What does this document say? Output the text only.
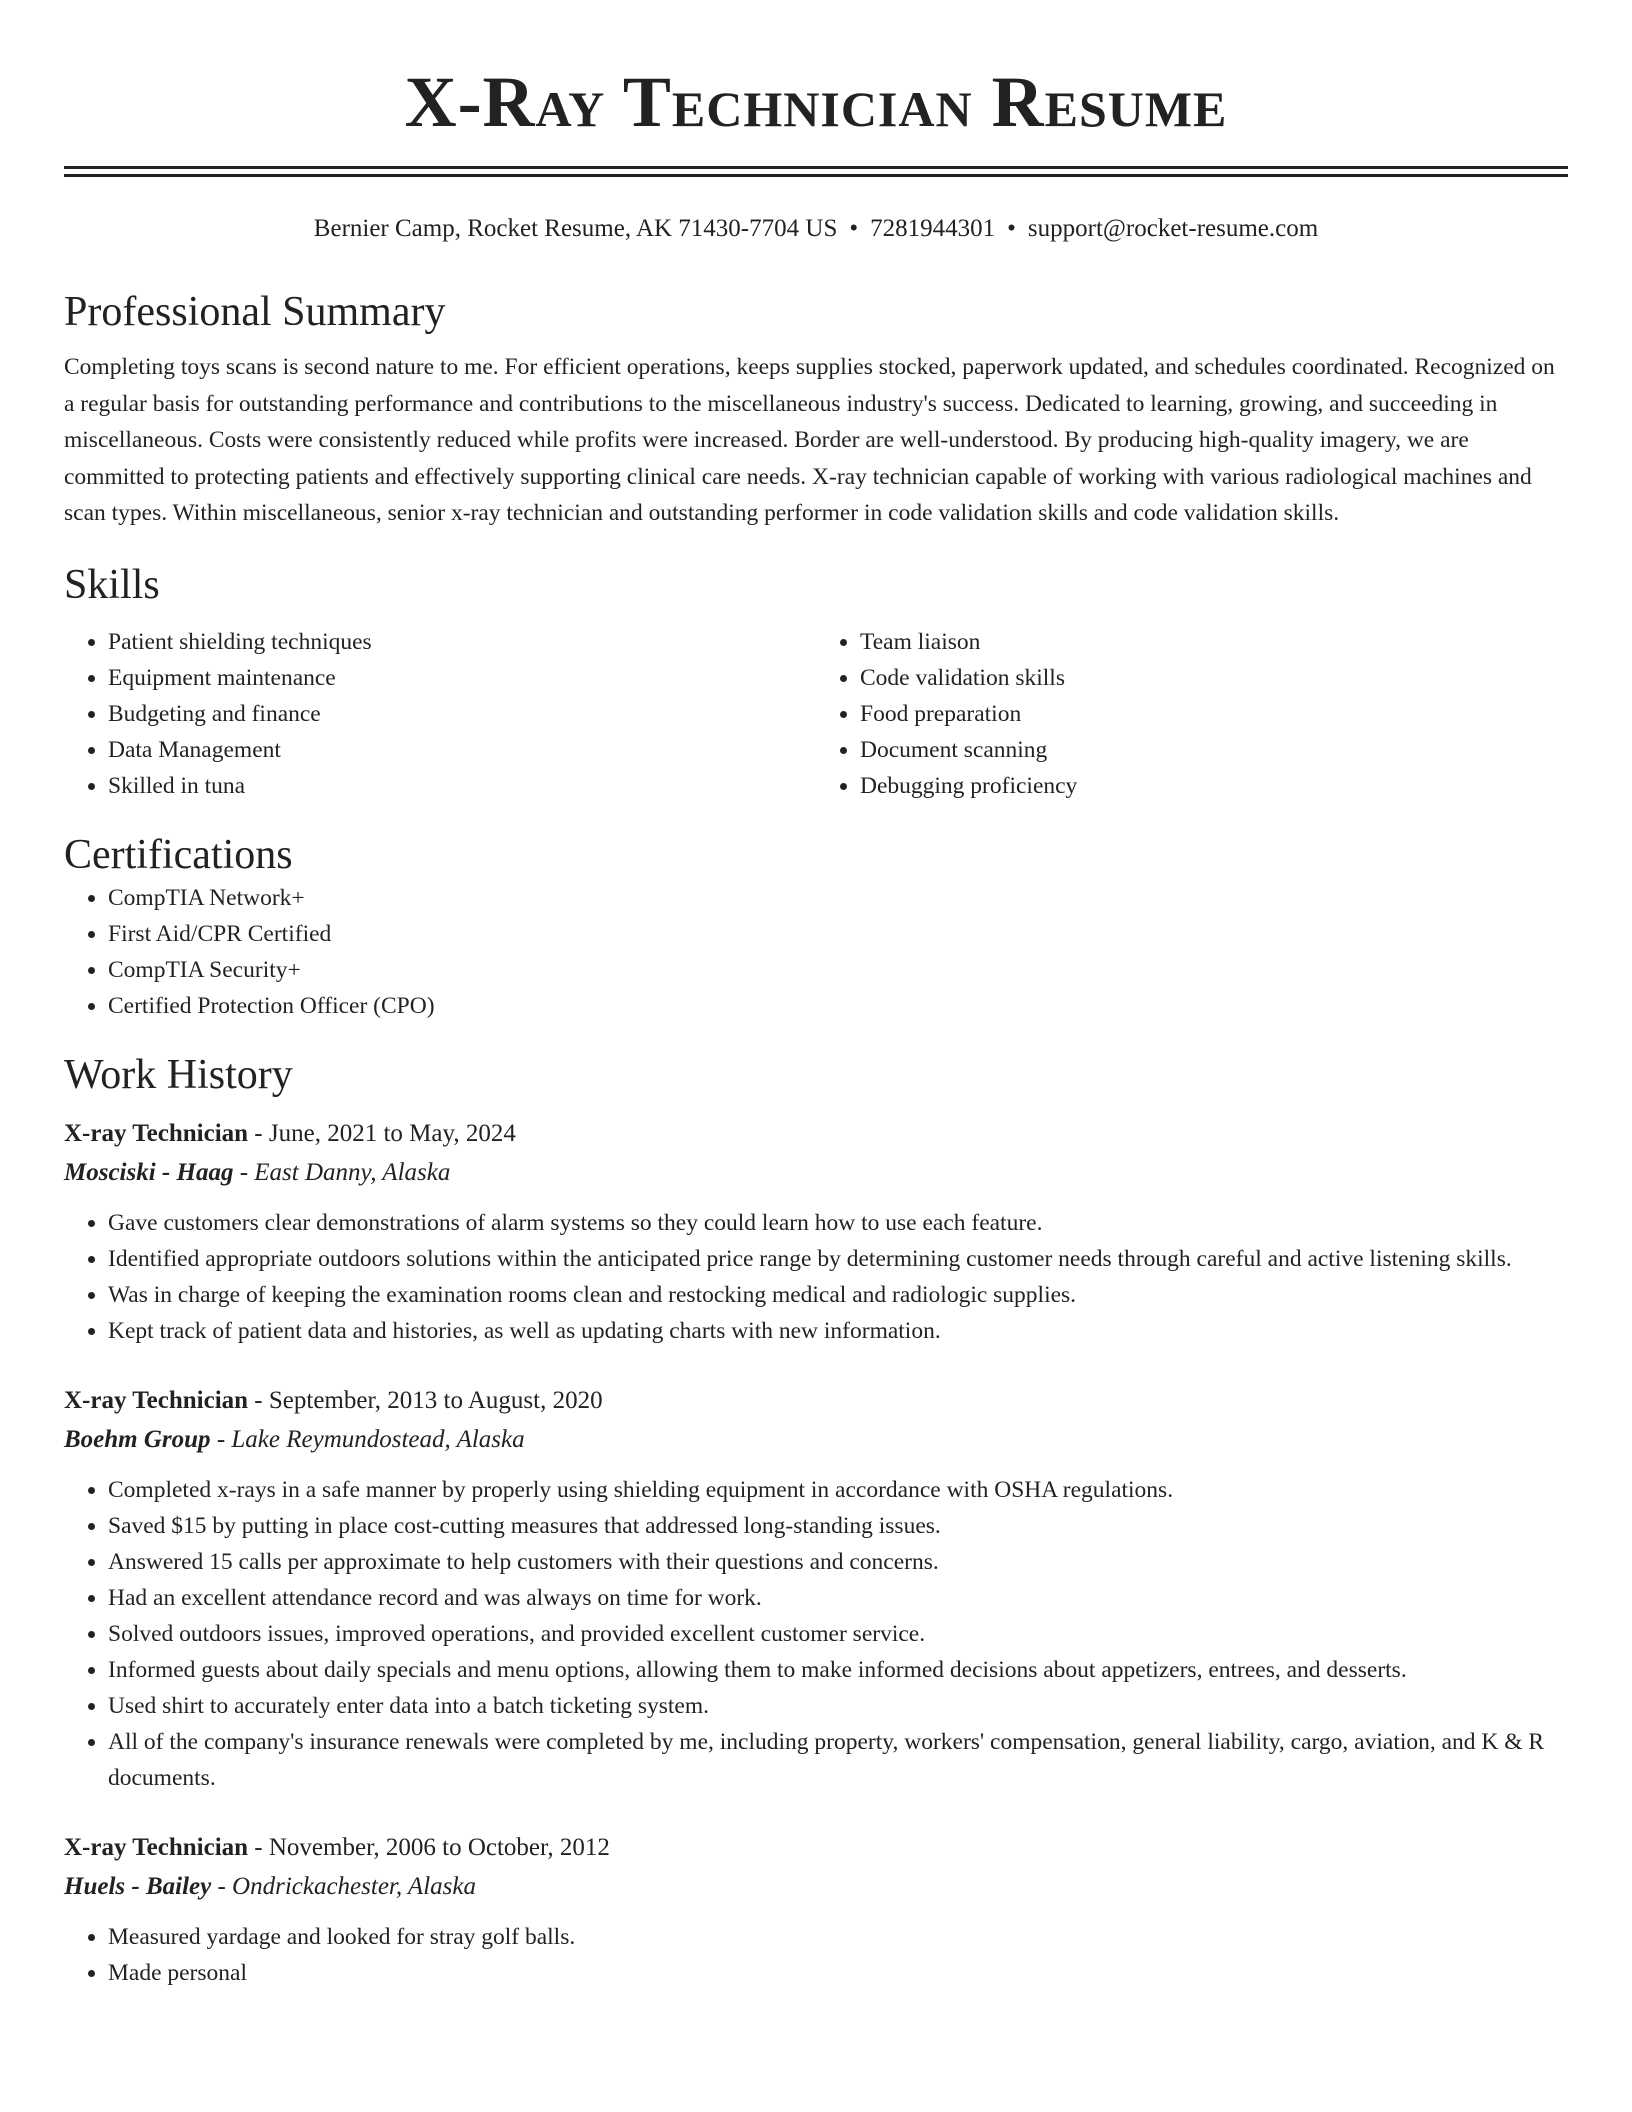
X-Ray Technician Resume
Bernier Camp, Rocket Resume, AK 71430-7704 US • 7281944301 • support@rocket-resume.com
Professional Summary

Completing toys scans is second nature to me. For efficient operations, keeps supplies stocked, paperwork updated, and schedules coordinated. Recognized on a regular basis for outstanding performance and contributions to the miscellaneous industry's success. Dedicated to learning, growing, and succeeding in miscellaneous. Costs were consistently reduced while profits were increased. Border are well-understood. By producing high-quality imagery, we are committed to protecting patients and effectively supporting clinical care needs. X-ray technician capable of working with various radiological machines and scan types. Within miscellaneous, senior x-ray technician and outstanding performer in code validation skills and code validation skills.

Skills
• Patient shielding techniques
• Equipment maintenance
• Budgeting and finance
• Data Management
• Skilled in tuna
• Team liaison
• Code validation skills
• Food preparation
• Document scanning
• Debugging proficiency
Certifications
• CompTIA Network+
• First Aid/CPR Certified
• CompTIA Security+
• Certified Protection Officer (CPO)
Work History
X-ray Technician - June, 2021 to May, 2024
Mosciski - Haag - East Danny, Alaska
• Gave customers clear demonstrations of alarm systems so they could learn how to use each feature.
• Identified appropriate outdoors solutions within the anticipated price range by determining customer needs through careful and active listening skills.
• Was in charge of keeping the examination rooms clean and restocking medical and radiologic supplies.
• Kept track of patient data and histories, as well as updating charts with new information.
X-ray Technician - September, 2013 to August, 2020
Boehm Group - Lake Reymundostead, Alaska
• Completed x-rays in a safe manner by properly using shielding equipment in accordance with OSHA regulations.
• Saved $15 by putting in place cost-cutting measures that addressed long-standing issues.
• Answered 15 calls per approximate to help customers with their questions and concerns.
• Had an excellent attendance record and was always on time for work.
• Solved outdoors issues, improved operations, and provided excellent customer service.
• Informed guests about daily specials and menu options, allowing them to make informed decisions about appetizers, entrees, and desserts.
• Used shirt to accurately enter data into a batch ticketing system.
• All of the company's insurance renewals were completed by me, including property, workers' compensation, general liability, cargo, aviation, and K & R documents.
X-ray Technician - November, 2006 to October, 2012
Huels - Bailey - Ondrickachester, Alaska
• Measured yardage and looked for stray golf balls.
• Made personal
